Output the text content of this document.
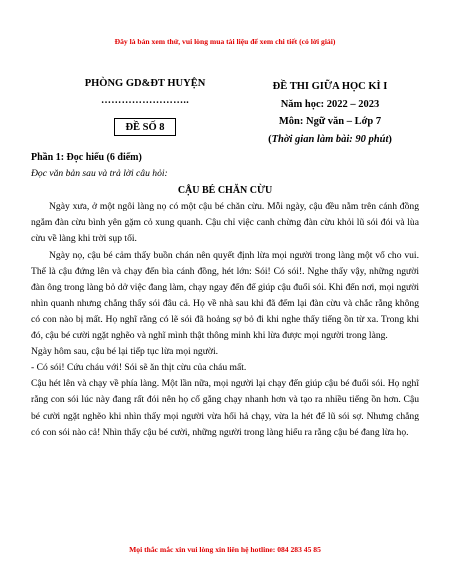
Đây là bản xem thử, vui lòng mua tài liệu để xem chi tiết (có lời giải)
PHÒNG GD&ĐT HUYỆN
……………………..
ĐỀ SỐ 8
ĐỀ THI GIỮA HỌC KÌ I
Năm học: 2022 – 2023
Môn: Ngữ văn – Lớp 7
(Thời gian làm bài: 90 phút)
Phần 1: Đọc hiểu (6 điểm)
Đọc văn bản sau và trả lời câu hỏi:
CẬU BÉ CHĂN CỪU

Ngày xưa, ở một ngôi làng nọ có một cậu bé chăn cừu. Mỗi ngày, cậu đều nằm trên cánh đồng ngắm đàn cừu bình yên gặm cỏ xung quanh. Cậu chỉ việc canh chừng đàn cừu khỏi lũ sói đói và lùa cừu về làng khi trời sụp tối.

Ngày nọ, cậu bé cảm thấy buồn chán nên quyết định lừa mọi người trong làng một vố cho vui. Thế là cậu đứng lên và chạy đến bìa cánh đồng, hét lớn: Sói! Có sói!. Nghe thấy vậy, những người đàn ông trong làng bỏ dở việc đang làm, chạy ngay đến để giúp cậu đuổi sói. Khi đến nơi, mọi người nhìn quanh nhưng chẳng thấy sói đâu cả. Họ về nhà sau khi đã đếm lại đàn cừu và chắc rằng không có con nào bị mất. Họ nghĩ rằng có lẽ sói đã hoảng sợ bỏ đi khi nghe thấy tiếng ồn từ xa. Trong khi đó, cậu bé cười ngặt nghẽo và nghĩ mình thật thông minh khi lừa được mọi người trong làng.

Ngày hôm sau, cậu bé lại tiếp tục lừa mọi người.

- Có sói! Cứu cháu với! Sói sẽ ăn thịt cừu của cháu mất.

Cậu hét lên và chạy về phía làng. Một lần nữa, mọi người lại chạy đến giúp cậu bé đuổi sói. Họ nghĩ rằng con sói lúc này đang rất đói nên họ cố gắng chạy nhanh hơn và tạo ra nhiều tiếng ồn hơn. Cậu bé cười ngặt nghẽo khi nhìn thấy mọi người vừa hối hả chạy, vừa la hét để lũ sói sợ. Nhưng chẳng có con sói nào cả! Nhìn thấy cậu bé cười, những người trong làng hiểu ra rằng cậu bé đang lừa họ.

Mọi thắc mắc xin vui lòng xin liên hệ hotline: 084 283 45 85
